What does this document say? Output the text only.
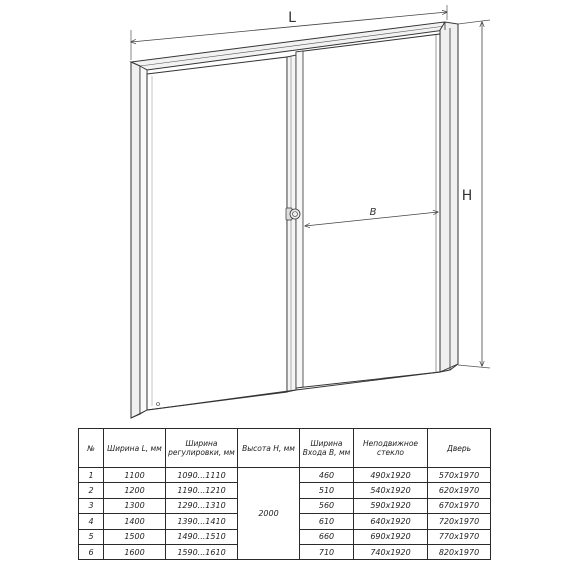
L
H
B
№	Ширина L, мм	Ширина регулировки, мм	Высота H, мм	Ширина Входа B, мм	Неподвижное стекло	Дверь
1	1100	1090...1110	2000	460	490x1920	570x1970
2	1200	1190...1210		510	540x1920	620x1970
3	1300	1290...1310		560	590x1920	670x1970
4	1400	1390...1410		610	640x1920	720x1970
5	1500	1490...1510		660	690x1920	770x1970
6	1600	1590...1610		710	740x1920	820x1970
